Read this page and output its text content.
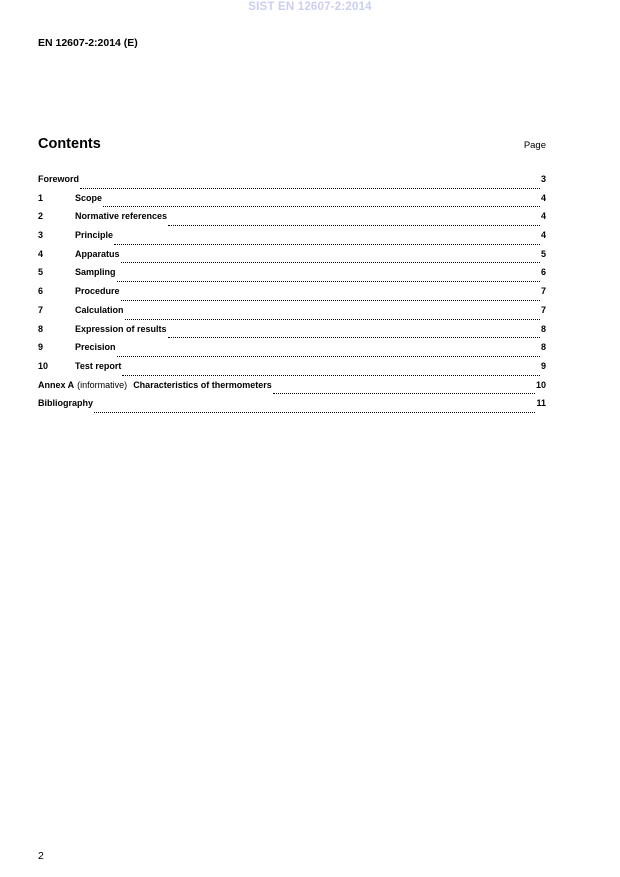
SIST EN 12607-2:2014
EN 12607-2:2014 (E)
Contents	Page
Foreword	3
1	Scope	4
2	Normative references	4
3	Principle	4
4	Apparatus	5
5	Sampling	6
6	Procedure	7
7	Calculation	7
8	Expression of results	8
9	Precision	8
10	Test report	9
Annex A (informative) Characteristics of thermometers	10
Bibliography	11
2
